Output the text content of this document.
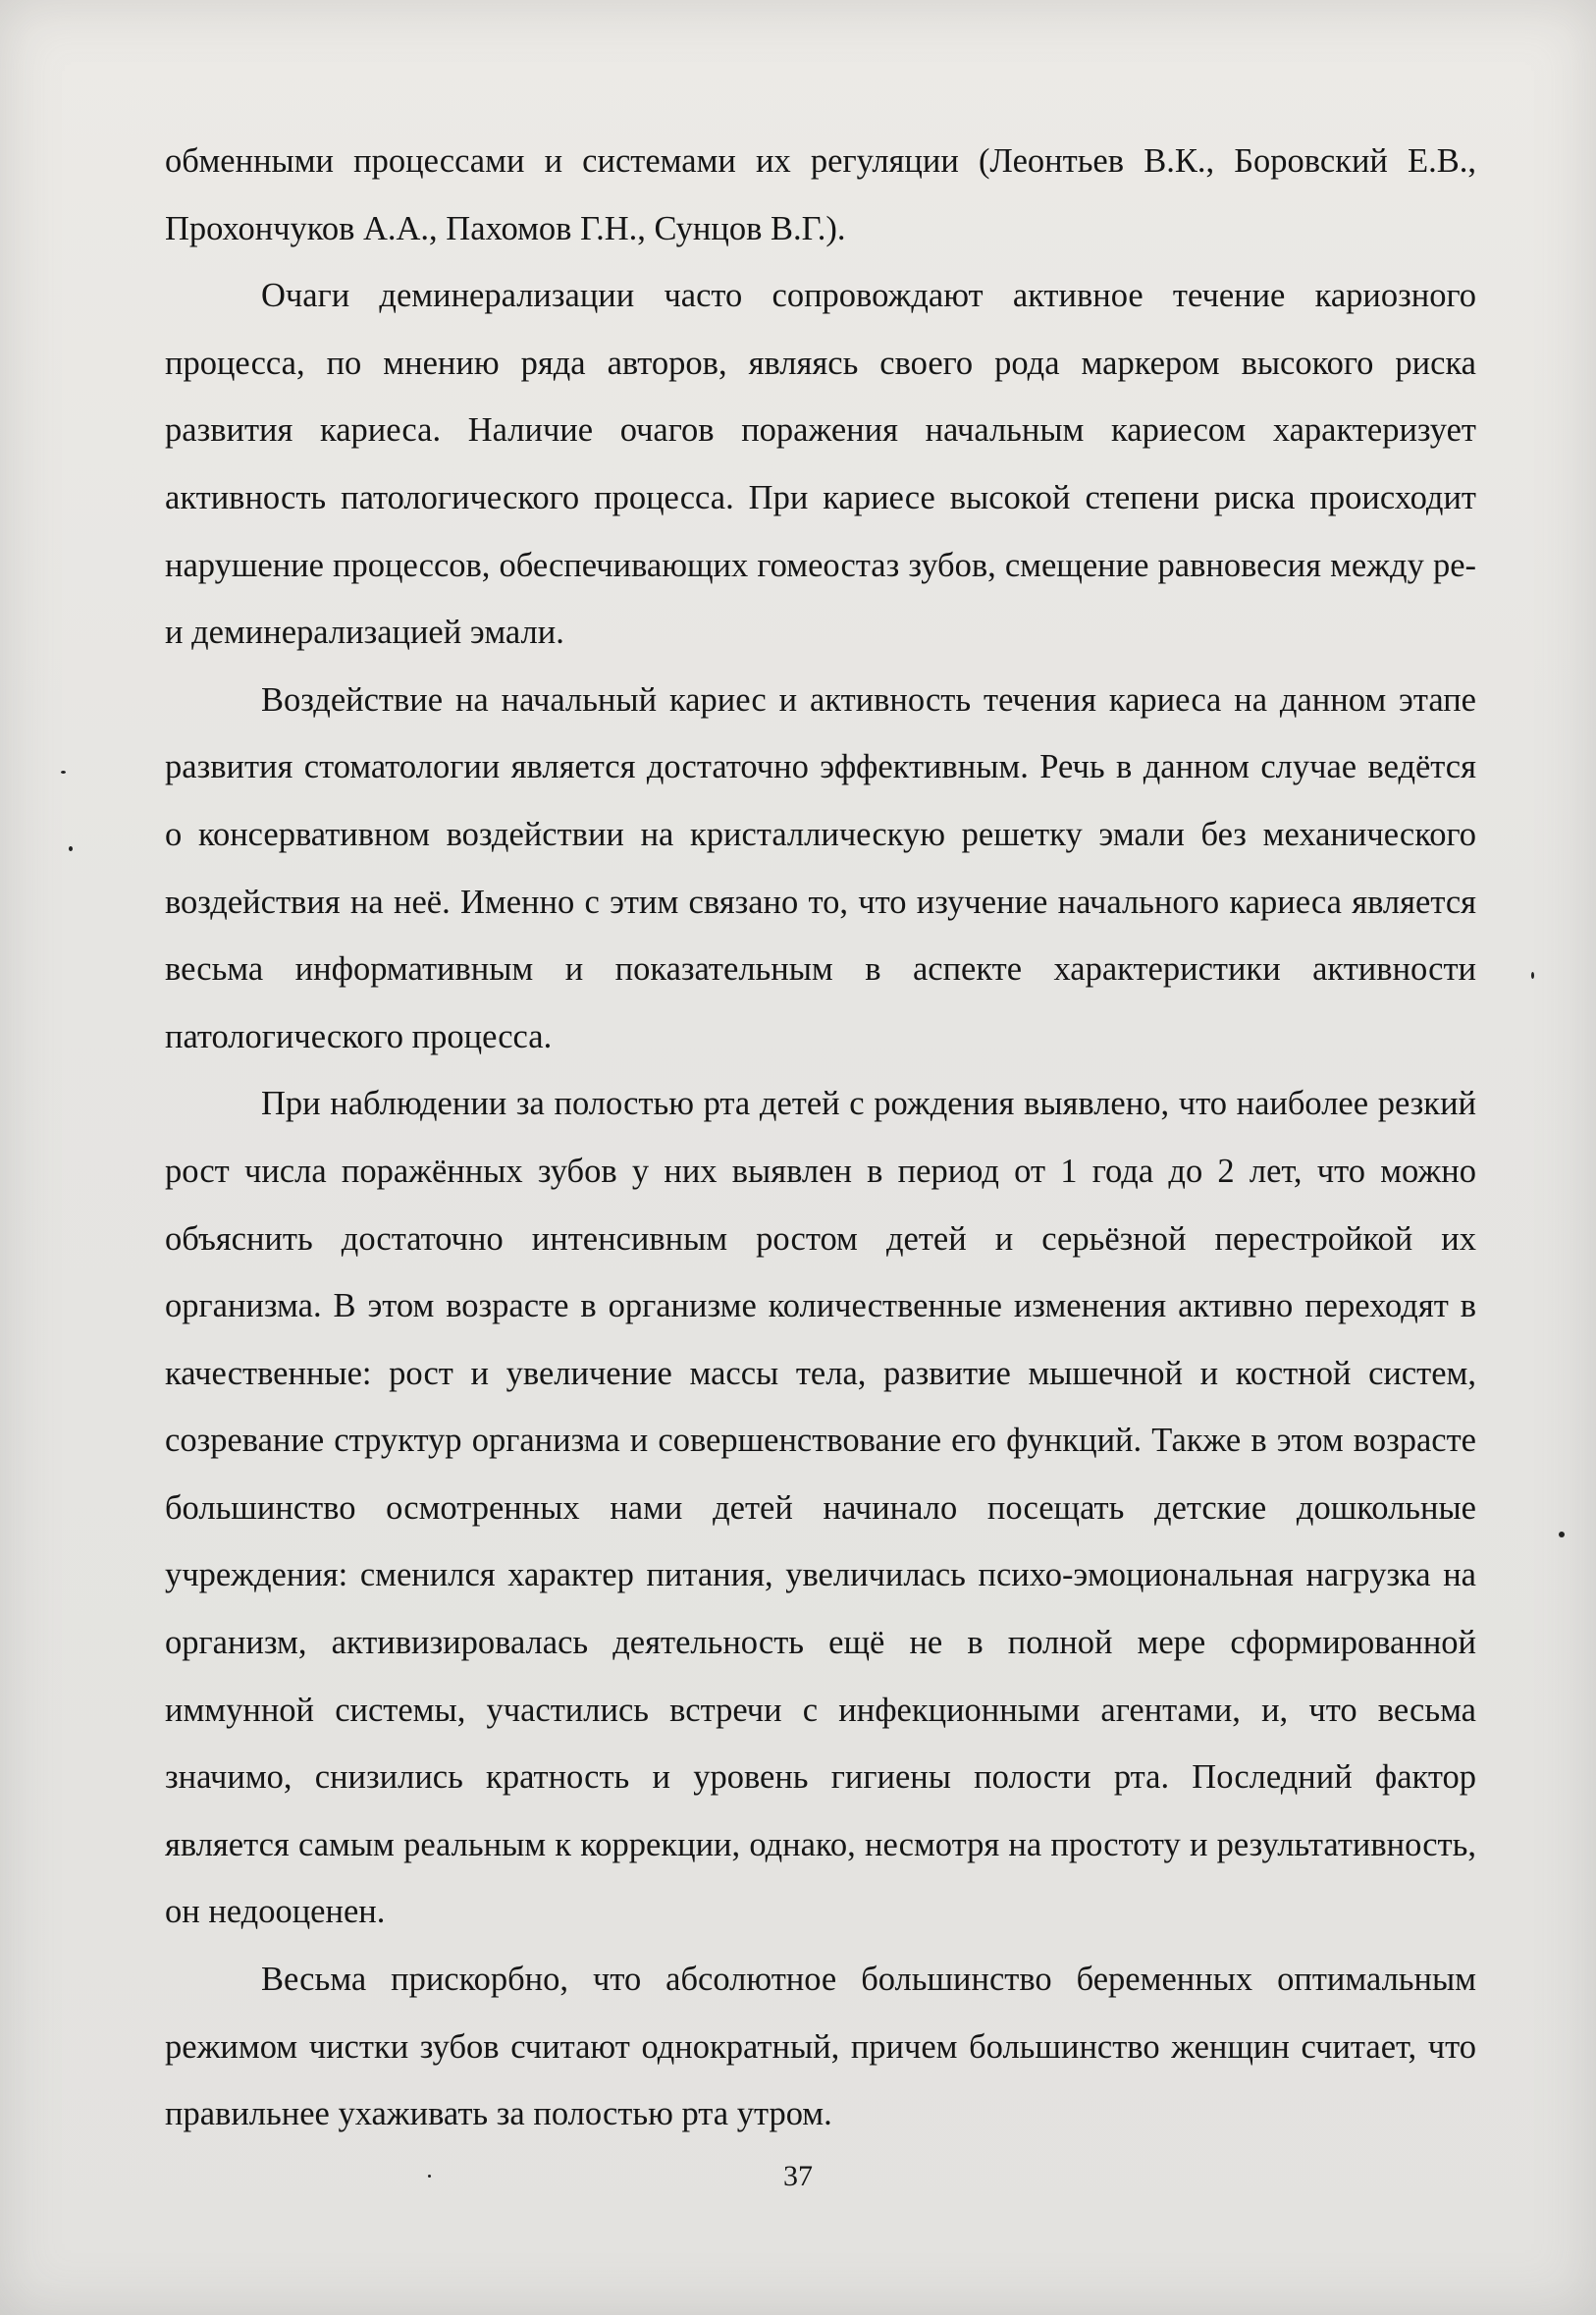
обменными процессами и системами их регуляции (Леонтьев В.К., Боровский Е.В., Прохончуков А.А., Пахомов Г.Н., Сунцов В.Г.).

Очаги деминерализации часто сопровождают активное течение кариозного процесса, по мнению ряда авторов, являясь своего рода маркером высокого риска развития кариеса. Наличие очагов поражения начальным кариесом характеризует активность патологического процесса. При кариесе высокой степени риска происходит нарушение процессов, обеспечивающих гомеостаз зубов, смещение равновесия между ре- и деминерализацией эмали.

Воздействие на начальный кариес и активность течения кариеса на данном этапе развития стоматологии является достаточно эффективным. Речь в данном случае ведётся о консервативном воздействии на кристаллическую решетку эмали без механического воздействия на неё. Именно с этим связано то, что изучение начального кариеса является весьма информативным и показательным в аспекте характеристики активности патологического процесса.

При наблюдении за полостью рта детей с рождения выявлено, что наиболее резкий рост числа поражённых зубов у них выявлен в период от 1 года до 2 лет, что можно объяснить достаточно интенсивным ростом детей и серьёзной перестройкой их организма. В этом возрасте в организме количественные изменения активно переходят в качественные: рост и увеличение массы тела, развитие мышечной и костной систем, созревание структур организма и совершенствование его функций. Также в этом возрасте большинство осмотренных нами детей начинало посещать детские дошкольные учреждения: сменился характер питания, увеличилась психо-эмоциональная нагрузка на организм, активизировалась деятельность ещё не в полной мере сформированной иммунной системы, участились встречи с инфекционными агентами, и, что весьма значимо, снизились кратность и уровень гигиены полости рта. Последний фактор является самым реальным к коррекции, однако, несмотря на простоту и результативность, он недооценен.

Весьма прискорбно, что абсолютное большинство беременных оптимальным режимом чистки зубов считают однократный, причем большинство женщин считает, что правильнее ухаживать за полостью рта утром.

37
